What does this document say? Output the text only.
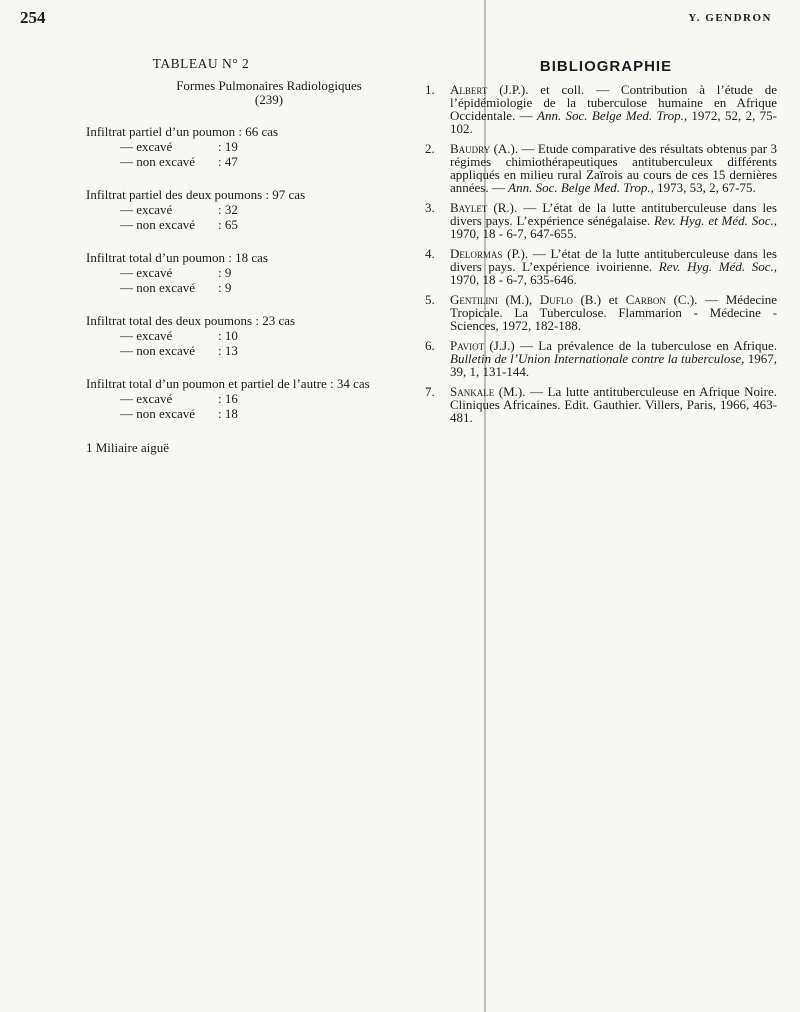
254	Y. GENDRON
TABLEAU N° 2
Formes Pulmonaires Radiologiques
(239)
Infiltrat partiel d’un poumon : 66 cas
— excavé	: 19
— non excavé : 47
Infiltrat partiel des deux poumons : 97 cas
— excavé	: 32
— non excavé : 65
Infiltrat total d’un poumon : 18 cas
— excavé	: 9
— non excavé : 9
Infiltrat total des deux poumons : 23 cas
— excavé	: 10
— non excavé : 13
Infiltrat total d’un poumon et partiel de l’autre : 34 cas
— excavé	: 16
— non excavé : 18
1 Miliaire aiguë
BIBLIOGRAPHIE
1.	Albert (J.P.). et coll. — Contribution à l’étude de l’épidémiologie de la tuberculose humaine en Afrique Occidentale. — Ann. Soc. Belge Med. Trop., 1972, 52, 2, 75-102.
2.	Baudry (A.). — Etude comparative des résultats obtenus par 3 régimes chimiothérapeutiques antituberculeux différents appliqués en milieu rural Zaïrois au cours de ces 15 dernières années. — Ann. Soc. Belge Med. Trop., 1973, 53, 2, 67-75.
3.	Baylet (R.). — L’état de la lutte antituberculeuse dans les divers pays. L’expérience sénégalaise. Rev. Hyg. et Méd. Soc., 1970, 18 - 6-7, 647-655.
4.	Delormas (P.). — L’état de la lutte antituberculeuse dans les divers pays. L’expérience ivoirienne. Rev. Hyg. Méd. Soc., 1970, 18 - 6-7, 635-646.
5.	Gentilini (M.), Duflo (B.) et Carbon (C.). — Médecine Tropicale. La Tuberculose. Flammarion - Médecine - Sciences, 1972, 182-188.
6.	Paviot (J.J.) — La prévalence de la tuberculose en Afrique. Bulletin de l’Union Internationale contre la tuberculose, 1967, 39, 1, 131-144.
7.	Sankale (M.). — La lutte antituberculeuse en Afrique Noire. Cliniques Africaines. Edit. Gauthier. Villers, Paris, 1966, 463-481.
